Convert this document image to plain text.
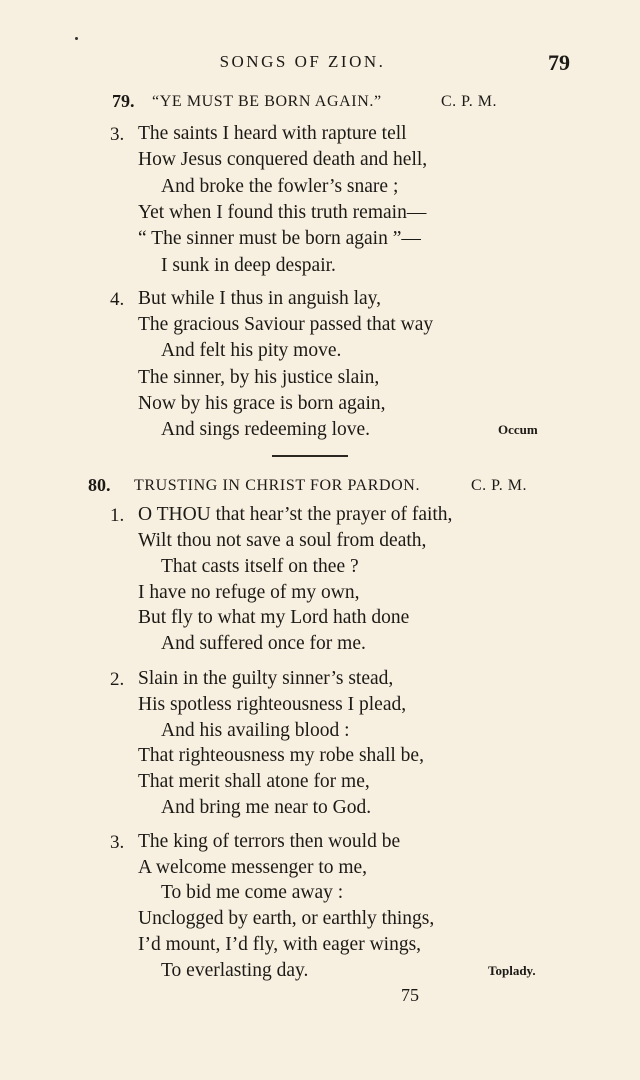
SONGS OF ZION.	79
79. “YE MUST BE BORN AGAIN.”	C. P. M.
3. The saints I heard with rapture tell
How Jesus conquered death and hell,
And broke the fowler’s snare ;
Yet when I found this truth remain—
“ The sinner must be born again ”—
I sunk in deep despair.
4. But while I thus in anguish lay,
The gracious Saviour passed that way
And felt his pity move.
The sinner, by his justice slain,
Now by his grace is born again,
And sings redeeming love.	Occum
80. TRUSTING IN CHRIST FOR PARDON.	C. P. M.
1. O THOU that hear’st the prayer of faith,
Wilt thou not save a soul from death,
That casts itself on thee ?
I have no refuge of my own,
But fly to what my Lord hath done
And suffered once for me.
2. Slain in the guilty sinner’s stead,
His spotless righteousness I plead,
And his availing blood :
That righteousness my robe shall be,
That merit shall atone for me,
And bring me near to God.
3. The king of terrors then would be
A welcome messenger to me,
To bid me come away :
Unclogged by earth, or earthly things,
I’d mount, I’d fly, with eager wings,
To everlasting day.	Toplady.
75
